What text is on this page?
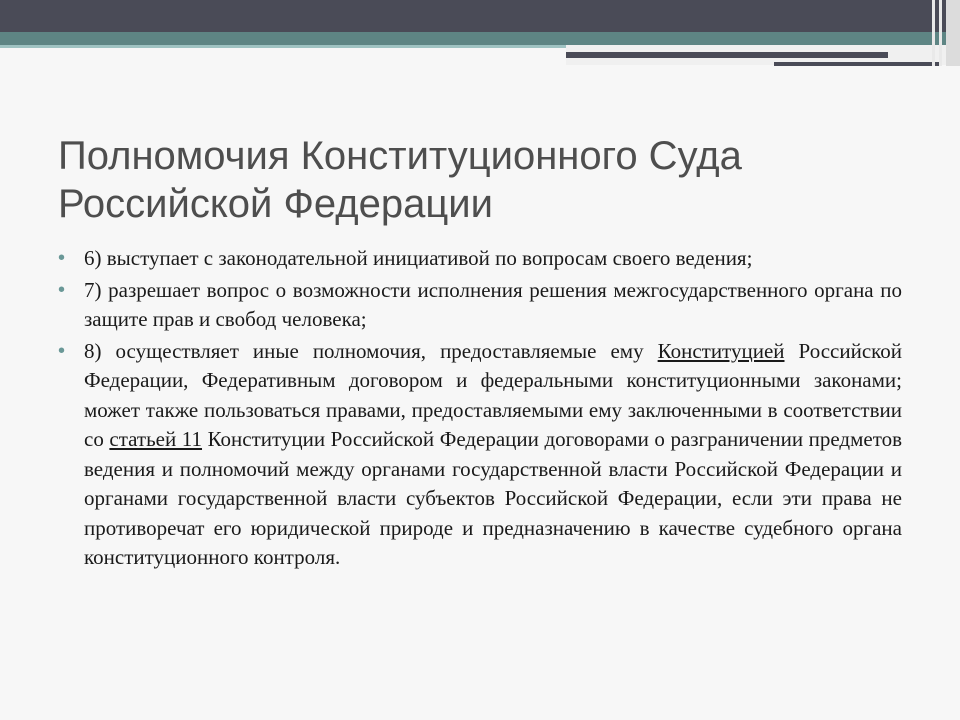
Полномочия Конституционного Суда
Российской Федерации
• 6) выступает с законодательной инициативой по вопросам своего ведения;
• 7) разрешает вопрос о возможности исполнения решения межгосударственного органа по защите прав и свобод человека;
• 8) осуществляет иные полномочия, предоставляемые ему Конституцией Российской Федерации, Федеративным договором и федеральными конституционными законами; может также пользоваться правами, предоставляемыми ему заключенными в соответствии со статьей 11 Конституции Российской Федерации договорами о разграничении предметов ведения и полномочий между органами государственной власти Российской Федерации и органами государственной власти субъектов Российской Федерации, если эти права не противоречат его юридической природе и предназначению в качестве судебного органа конституционного контроля.
